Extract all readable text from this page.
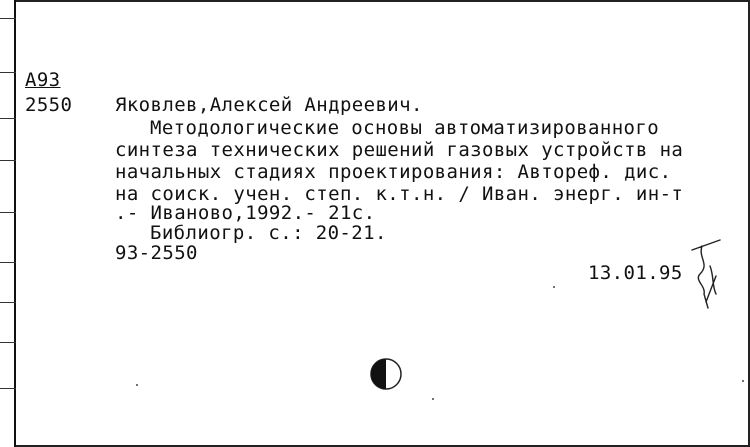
А93
2550 Яковлев,Алексей Андреевич.
Методологические основы автоматизированного
синтеза технических решений газовых устройств на
начальных стадиях проектирования: Автореф. дис.
на соиск. учен. степ. к.т.н. / Иван. энерг. ин-т
.- Иваново,1992.- 21с.
Библиогр. с.: 20-21.
93-2550
13.01.95
